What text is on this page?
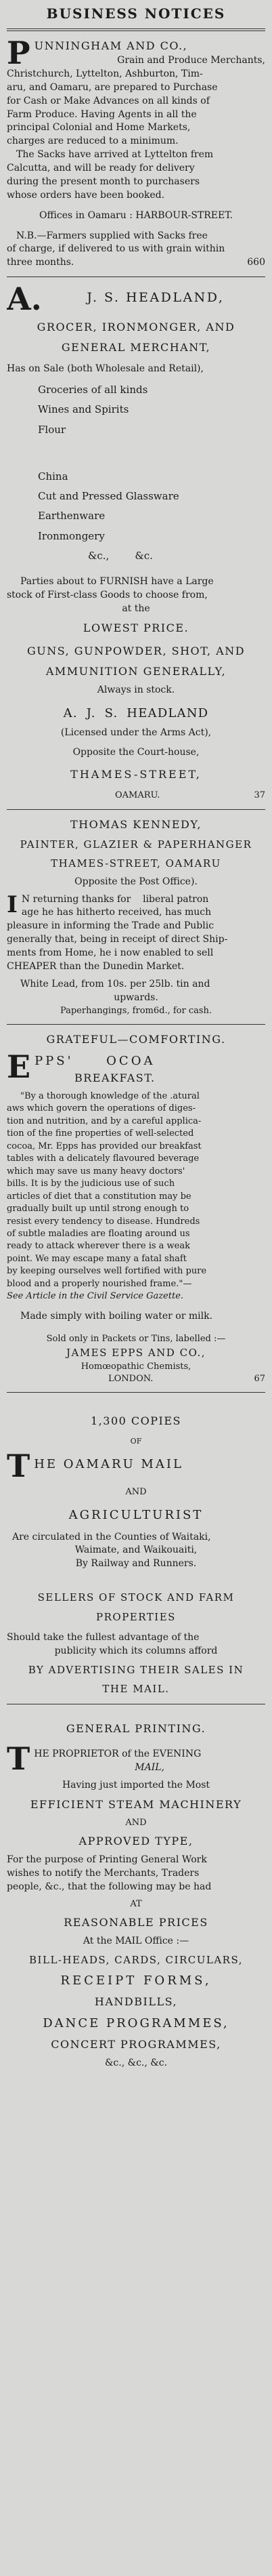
BUSINESS NOTICES
P UNNINGHAM AND CO.,

Grain and Produce Merchants,

Christchurch, Lyttelton, Ashburton, Tim-

aru, and Oamaru, are prepared to Purchase

for Cash or Make Advances on all kinds of

Farm Produce. Having Agents in all the

principal Colonial and Home Markets,

charges are reduced to a minimum.

The Sacks have arrived at Lyttelton frem

Calcutta, and will be ready for delivery

during the present month to purchasers

whose orders have been booked.

Offices in Oamaru : HARBOUR-STREET.

N.B.—Farmers supplied with Sacks free

of charge, if delivered to us with grain within

three months.	660
A.	J. S. HEADLAND,

GROCER, IRONMONGER, AND

GENERAL MERCHANT,

Has on Sale (both Wholesale and Retail),

Groceries of all kinds

Wines and Spirits

Flour

China

Cut and Pressed Glassware

Earthenware

Ironmongery

&c.,        &c.

Parties about to FURNISH have a Large

stock of First-class Goods to choose from,

at the

LOWEST PRICE.

GUNS, GUNPOWDER, SHOT, AND

AMMUNITION GENERALLY,

Always in stock.

A. J. S. HEADLAND

(Licensed under the Arms Act),

Opposite the Court-house,

THAMES-STREET,

OAMARU.	37

THOMAS KENNEDY,

PAINTER, GLAZIER & PAPERHANGER

THAMES-STREET, OAMARU

Opposite the Post Office).

I N returning thanks for    liberal patron

age he has hitherto received, has much

pleasure in informing the Trade and Public

generally that, being in receipt of direct Ship-

ments from Home, he i now enabled to sell

CHEAPER than the Dunedin Market.

White Lead, from 10s. per 25lb. tin and

upwards.

Paperhangings, from6d., for cash.

GRATEFUL—COMFORTING.

E PPS'     OCOA

BREAKFAST.

"By a thorough knowledge of the .atural

aws which govern the operations of diges-

tion and nutrition, and by a careful applica-

tion of the fine properties of well-selected

cocoa, Mr. Epps has provided our breakfast

tables with a delicately flavoured beverage

which may save us many heavy doctors'

bills. It is by the judicious use of such

articles of diet that a constitution may be

gradually built up until strong enough to

resist every tendency to disease. Hundreds

of subtle maladies are floating around us

ready to attack wherever there is a weak

point. We may escape many a fatal shaft

by keeping ourselves well fortified with pure

blood and a properly nourished frame."—

See Article in the Civil Service Gazette.

Made simply with boiling water or milk.

Sold only in Packets or Tins, labelled :—

JAMES EPPS AND CO.,

Homœopathic Chemists,

LONDON.	67

1,300 COPIES

OF

T HE OAMARU MAIL

AND

AGRICULTURIST

Are circulated in the Counties of Waitaki,

Waimate, and Waikouaiti,

By Railway and Runners.

SELLERS OF STOCK AND FARM

PROPERTIES

Should take the fullest advantage of the

publicity which its columns afford

BY ADVERTISING THEIR SALES IN

THE MAIL.

GENERAL PRINTING.

T HE PROPRIETOR of the EVENING

MAIL,

Having just imported the Most

EFFICIENT STEAM MACHINERY

AND

APPROVED TYPE,

For the purpose of Printing General Work

wishes to notify the Merchants, Traders

people, &c., that the following may be had

AT

REASONABLE PRICES

At the MAIL Office :—

BILL-HEADS, CARDS, CIRCULARS,

RECEIPT FORMS,

HANDBILLS,

DANCE PROGRAMMES,

CONCERT PROGRAMMES,

&c., &c., &c.
